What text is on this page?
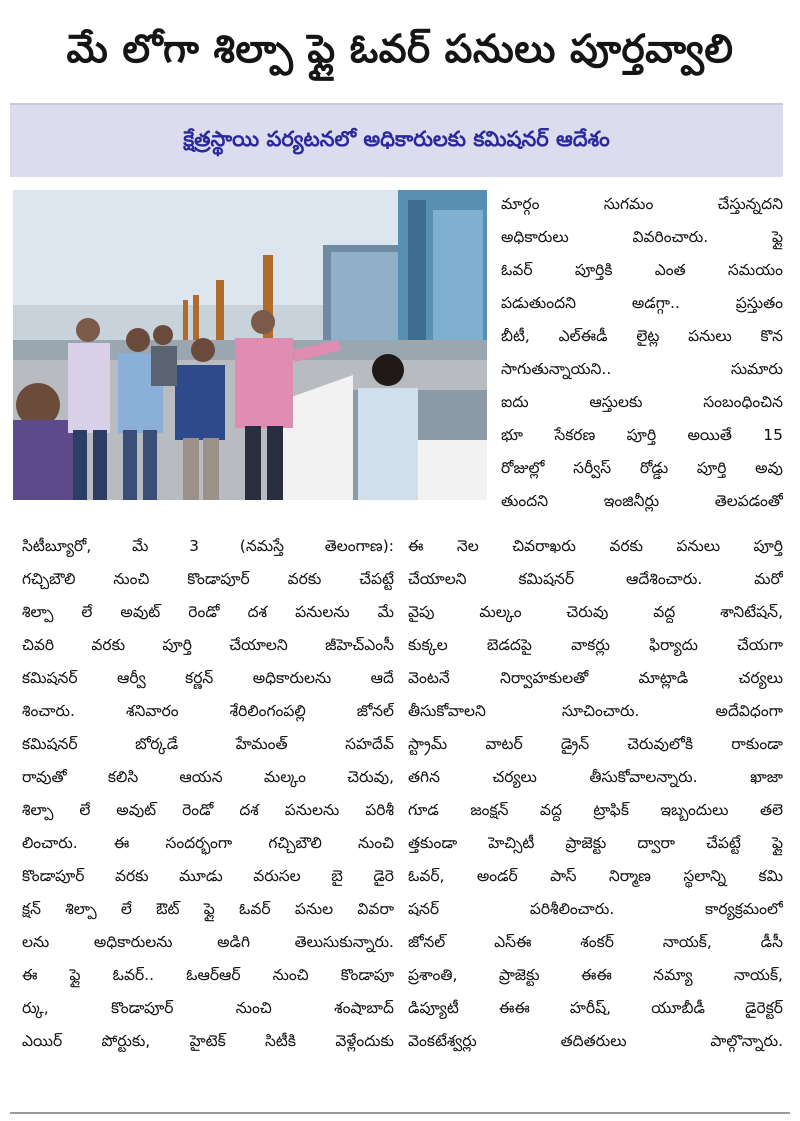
మే లోగా శిల్పా ఫ్లై ఓవర్ పనులు పూర్తవ్వాలి
క్షేత్రస్థాయి పర్యటనలో అధికారులకు కమిషనర్ ఆదేశం
మార్గం సుగమం చేస్తున్నదని
అధికారులు వివరించారు. ఫ్లై
ఓవర్ పూర్తికి ఎంత సమయం
పడుతుందని అడగ్గా.. ప్రస్తుతం
బీటీ, ఎల్ఈడీ లైట్ల పనులు కొన
సాగుతున్నాయని.. సుమారు
ఐదు ఆస్తులకు సంబంధించిన
భూ సేకరణ పూర్తి అయితే 15
రోజుల్లో సర్వీస్ రోడ్డు పూర్తి అవు
తుందని ఇంజినీర్లు తెలపడంతో
సిటీబ్యూరో, మే 3 (నమస్తే తెలంగాణ):
గచ్చిబౌలి నుంచి కొండాపూర్ వరకు చేపట్టే
శిల్పా లే అవుట్ రెండో దశ పనులను మే
చివరి వరకు పూర్తి చేయాలని జీహెచ్ఎంసీ
కమిషనర్ ఆర్వీ కర్ణన్ అధికారులను ఆదే
శించారు. శనివారం శేరిలింగంపల్లి జోనల్
కమిషనర్ బోర్కడే హేమంత్ సహదేవ్
రావుతో కలిసి ఆయన మల్కం చెరువు,
శిల్పా లే అవుట్ రెండో దశ పనులను పరిశీ
లించారు. ఈ సందర్భంగా గచ్చిబౌలి నుంచి
కొండాపూర్ వరకు మూడు వరుసల బై డైరె
క్షన్ శిల్పా లే ఔట్ ఫ్లై ఓవర్ పనుల వివరా
లను అధికారులను అడిగి తెలుసుకున్నారు.
ఈ ఫ్లై ఓవర్.. ఓఆర్ఆర్ నుంచి కొండాపూ
ర్కు, కొండాపూర్ నుంచి శంషాబాద్
ఎయిర్ పోర్టుకు, హైటెక్ సిటీకి వెళ్లేందుకు
ఈ నెల చివరాఖరు వరకు పనులు పూర్తి
చేయాలని కమిషనర్ ఆదేశించారు. మరో
వైపు మల్కం చెరువు వద్ద శానిటేషన్,
కుక్కల బెడదపై వాకర్లు ఫిర్యాదు చేయగా
వెంటనే నిర్వాహకులతో మాట్లాడి చర్యలు
తీసుకోవాలని సూచించారు. అదేవిధంగా
స్ట్రామ్ వాటర్ డ్రైన్ చెరువులోకి రాకుండా
తగిన చర్యలు తీసుకోవాలన్నారు. ఖాజా
గూడ జంక్షన్ వద్ద ట్రాఫిక్ ఇబ్బందులు తలె
త్తకుండా హెచ్సిటీ ప్రాజెక్టు ద్వారా చేపట్టే ఫ్లై
ఓవర్, అండర్ పాస్ నిర్మాణ స్థలాన్ని కమి
షనర్ పరిశీలించారు. కార్యక్రమంలో
జోనల్ ఎస్ఈ శంకర్ నాయక్, డీసీ
ప్రశాంతి, ప్రాజెక్టు ఈఈ నమ్యా నాయక్,
డిప్యూటీ ఈఈ హరీష్, యూబీడీ డైరెక్టర్
వెంకటేశ్వర్లు తదితరులు పాల్గొన్నారు.
